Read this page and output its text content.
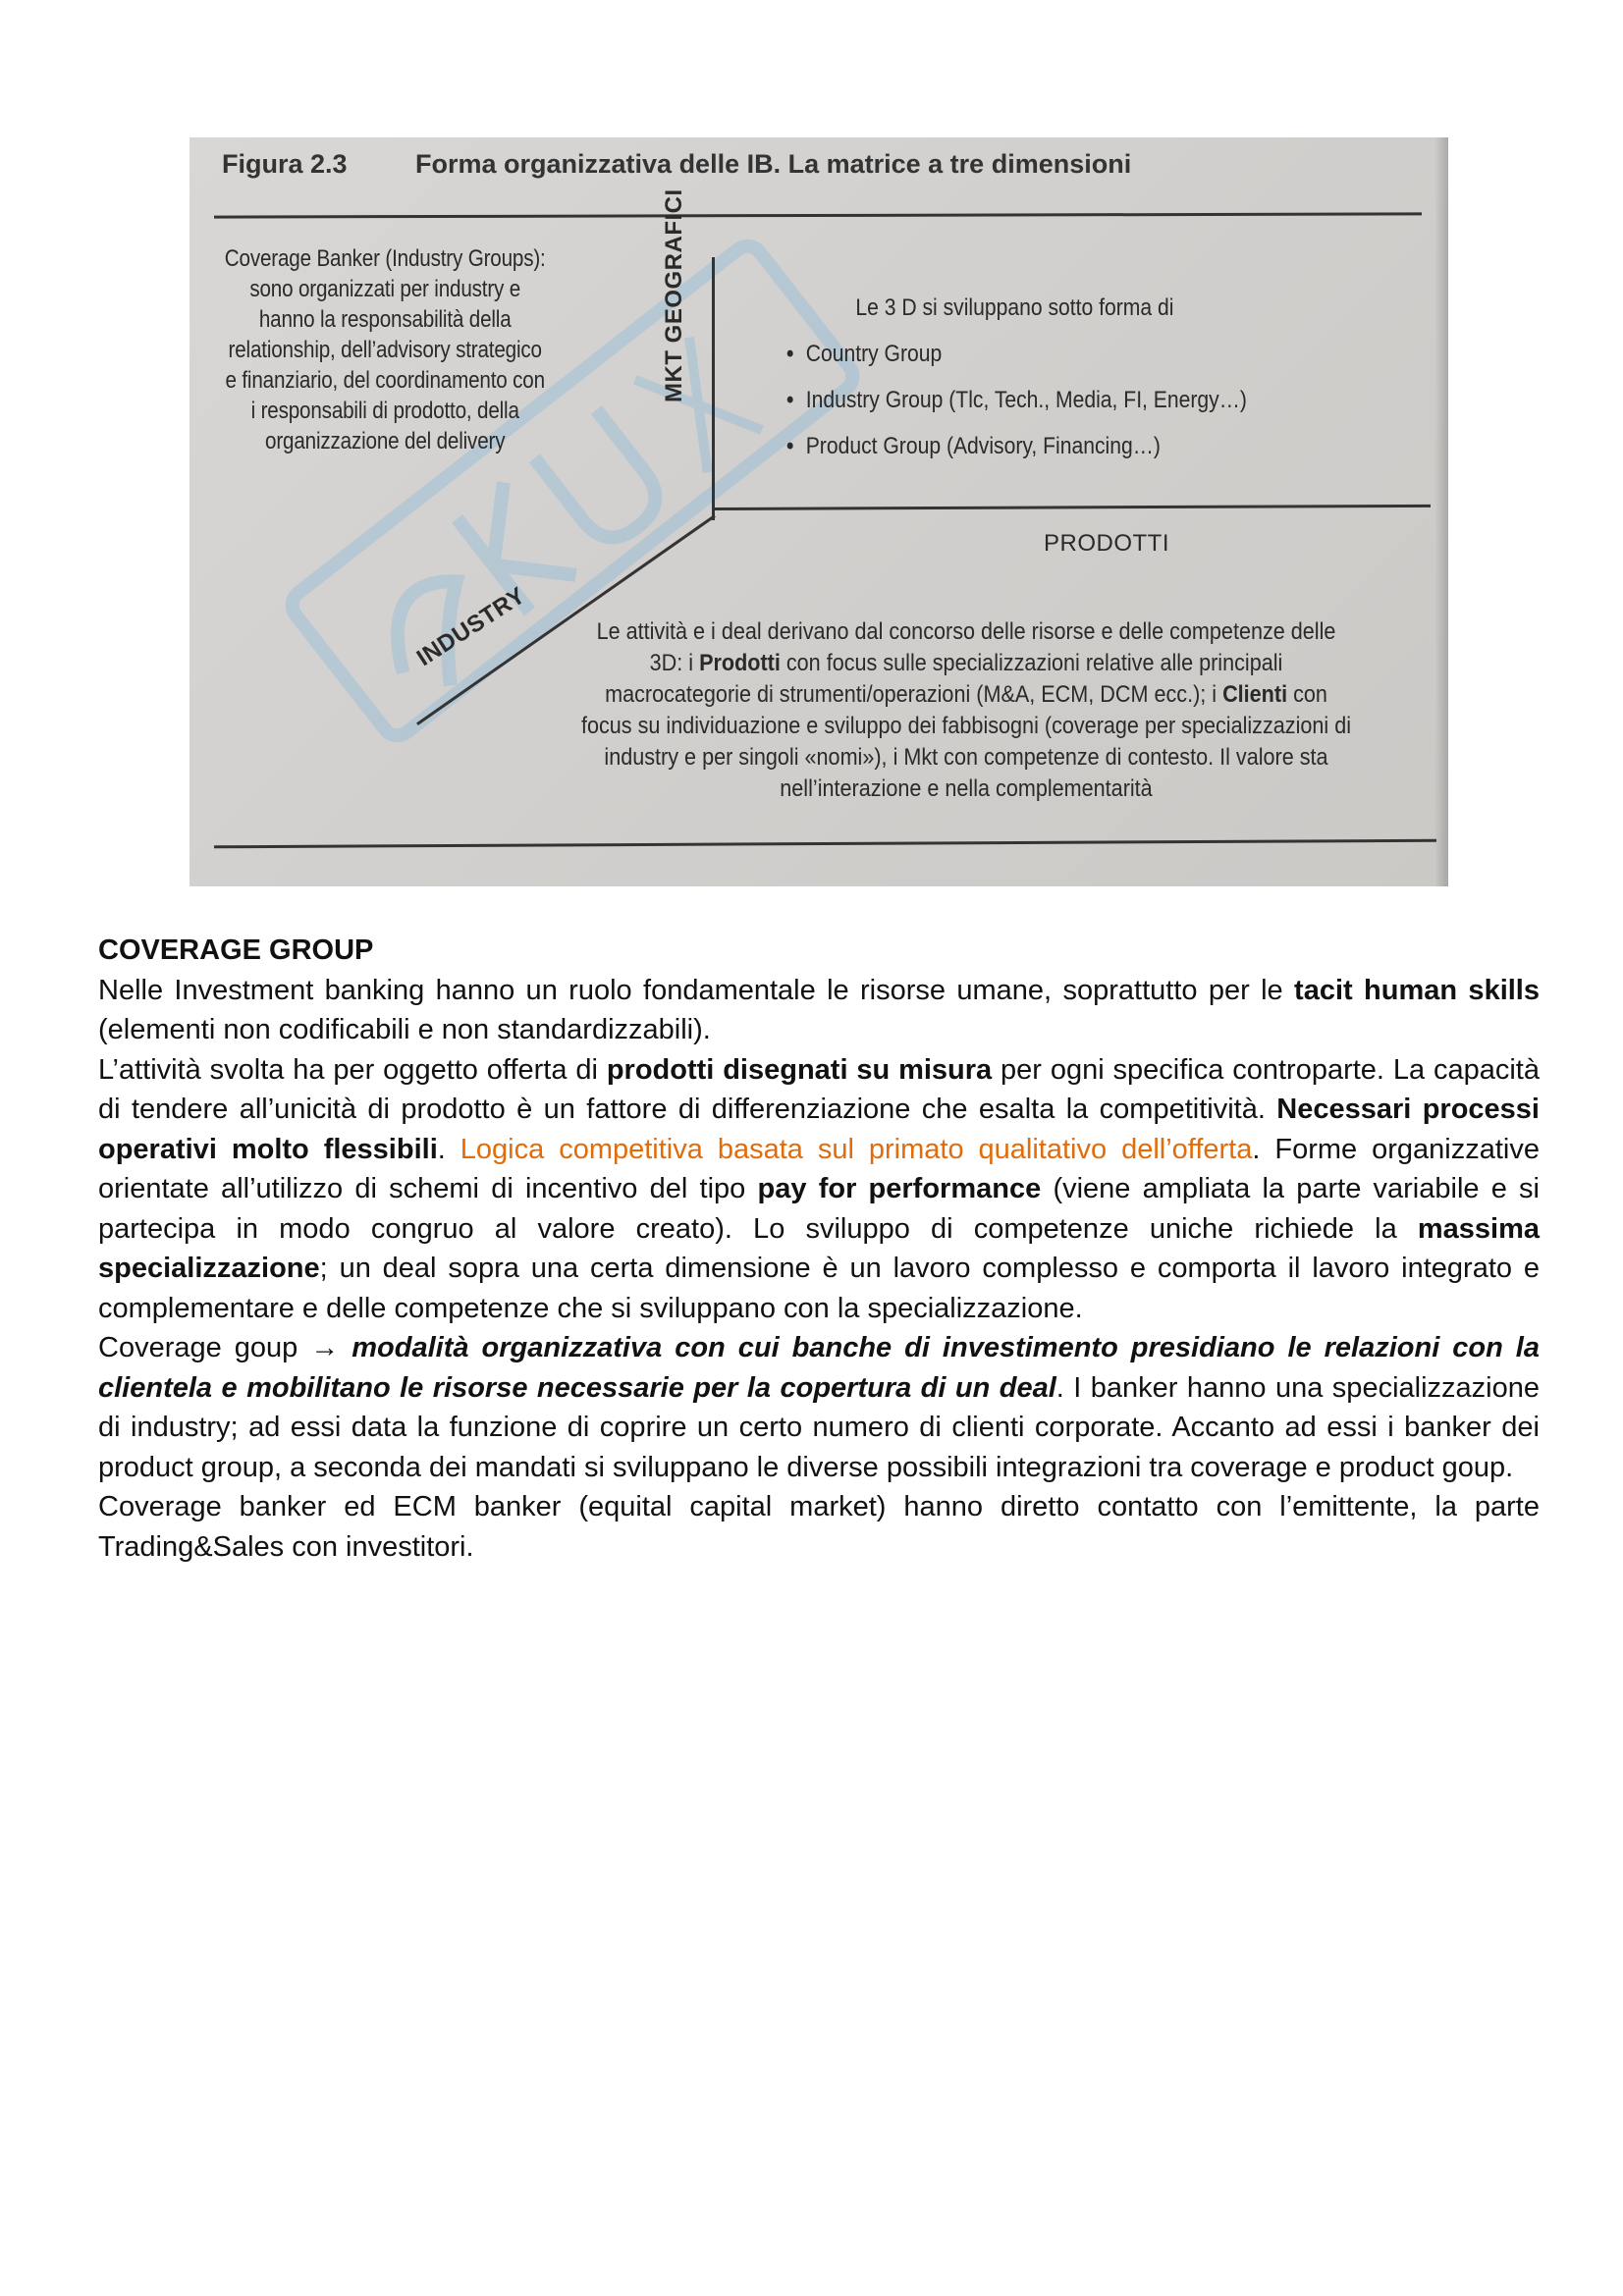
Figura 2.3	Forma organizzativa delle IB. La matrice a tre dimensioni
Coverage Banker (Industry Groups):
sono organizzati per industry e
hanno la responsabilità della
relationship, dell’advisory strategico
e finanziario, del coordinamento con
i responsabili di prodotto, della
organizzazione del delivery
MKT GEOGRAFICI
PRODOTTI
INDUSTRY
Le 3 D si sviluppano sotto forma di
• Country Group
• Industry Group (Tlc, Tech., Media, FI, Energy…)
• Product Group (Advisory, Financing…)
Le attività e i deal derivano dal concorso delle risorse e delle competenze delle 3D: i Prodotti con focus sulle specializzazioni relative alle principali macrocategorie di strumenti/operazioni (M&A, ECM, DCM ecc.); i Clienti con focus su individuazione e sviluppo dei fabbisogni (coverage per specializzazioni di industry e per singoli «nomi»), i Mkt con competenze di contesto. Il valore sta nell’interazione e nella complementarità

COVERAGE GROUP

Nelle Investment banking hanno un ruolo fondamentale le risorse umane, soprattutto per le tacit human skills (elementi non codificabili e non standardizzabili).

L’attività svolta ha per oggetto offerta di prodotti disegnati su misura per ogni specifica controparte. La capacità di tendere all’unicità di prodotto è un fattore di differenziazione che esalta la competitività. Necessari processi operativi molto flessibili. Logica competitiva basata sul primato qualitativo dell’offerta. Forme organizzative orientate all’utilizzo di schemi di incentivo del tipo pay for performance (viene ampliata la parte variabile e si partecipa in modo congruo al valore creato). Lo sviluppo di competenze uniche richiede la massima specializzazione; un deal sopra una certa dimensione è un lavoro complesso e comporta il lavoro integrato e complementare e delle competenze che si sviluppano con la specializzazione.

Coverage goup → modalità organizzativa con cui banche di investimento presidiano le relazioni con la clientela e mobilitano le risorse necessarie per la copertura di un deal. I banker hanno una specializzazione di industry; ad essi data la funzione di coprire un certo numero di clienti corporate. Accanto ad essi i banker dei product group, a seconda dei mandati si sviluppano le diverse possibili integrazioni tra coverage e product goup.

Coverage banker ed ECM banker (equital capital market) hanno diretto contatto con l’emittente, la parte Trading&Sales con investitori.
